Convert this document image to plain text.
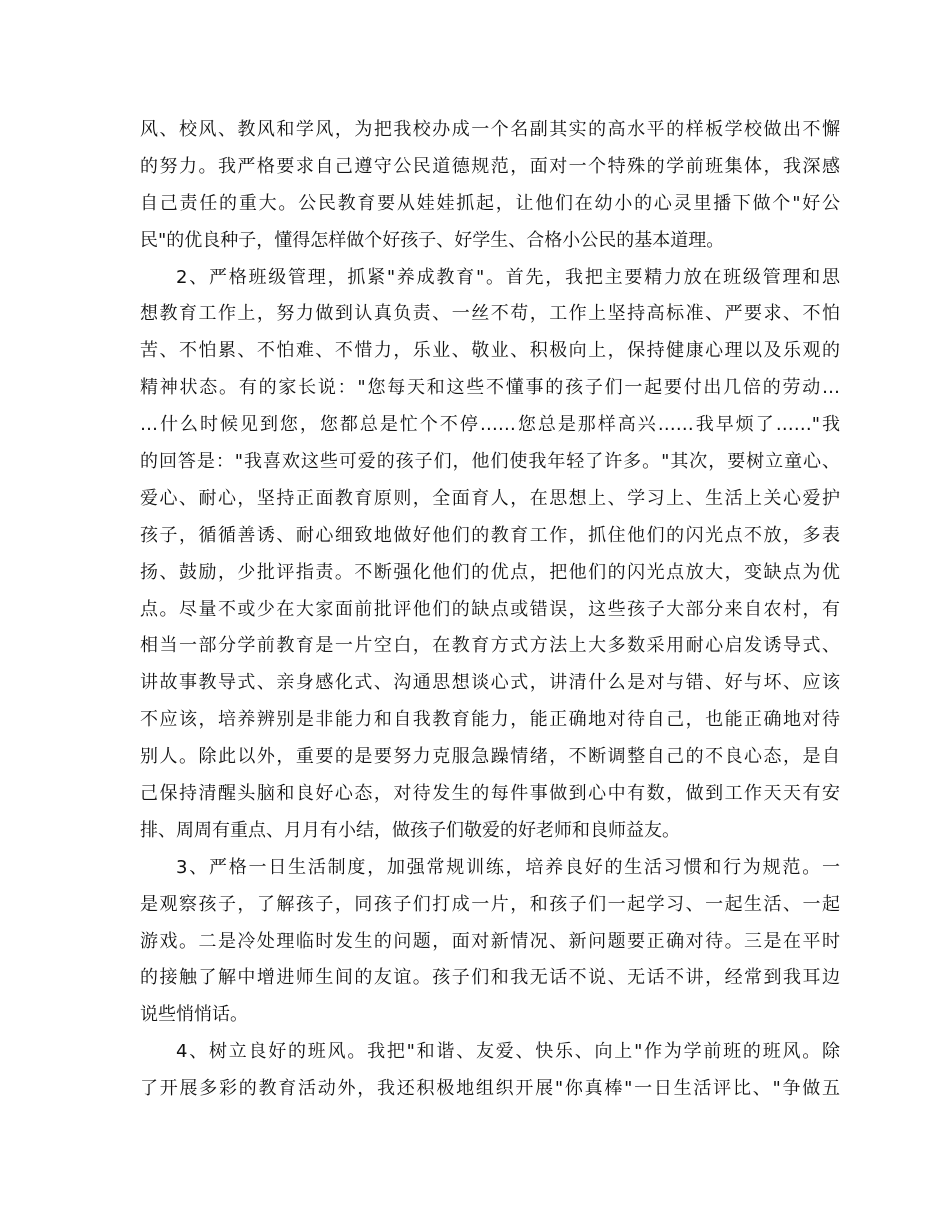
风、校风、教风和学风，为把我校办成一个名副其实的高水平的样板学校做出不懈
的努力。我严格要求自己遵守公民道德规范，面对一个特殊的学前班集体，我深感
自己责任的重大。公民教育要从娃娃抓起，让他们在幼小的心灵里播下做个"好公
民"的优良种子，懂得怎样做个好孩子、好学生、合格小公民的基本道理。
2、严格班级管理，抓紧"养成教育"。首先，我把主要精力放在班级管理和思
想教育工作上，努力做到认真负责、一丝不苟，工作上坚持高标准、严要求、不怕
苦、不怕累、不怕难、不惜力，乐业、敬业、积极向上，保持健康心理以及乐观的
精神状态。有的家长说："您每天和这些不懂事的孩子们一起要付出几倍的劳动…
…什么时候见到您，您都总是忙个不停……您总是那样高兴……我早烦了……"我
的回答是："我喜欢这些可爱的孩子们，他们使我年轻了许多。"其次，要树立童心、
爱心、耐心，坚持正面教育原则，全面育人，在思想上、学习上、生活上关心爱护
孩子，循循善诱、耐心细致地做好他们的教育工作，抓住他们的闪光点不放，多表
扬、鼓励，少批评指责。不断强化他们的优点，把他们的闪光点放大，变缺点为优
点。尽量不或少在大家面前批评他们的缺点或错误，这些孩子大部分来自农村，有
相当一部分学前教育是一片空白，在教育方式方法上大多数采用耐心启发诱导式、
讲故事教导式、亲身感化式、沟通思想谈心式，讲清什么是对与错、好与坏、应该
不应该，培养辨别是非能力和自我教育能力，能正确地对待自己，也能正确地对待
别人。除此以外，重要的是要努力克服急躁情绪，不断调整自己的不良心态，是自
己保持清醒头脑和良好心态，对待发生的每件事做到心中有数，做到工作天天有安
排、周周有重点、月月有小结，做孩子们敬爱的好老师和良师益友。
3、严格一日生活制度，加强常规训练，培养良好的生活习惯和行为规范。一
是观察孩子，了解孩子，同孩子们打成一片，和孩子们一起学习、一起生活、一起
游戏。二是冷处理临时发生的问题，面对新情况、新问题要正确对待。三是在平时
的接触了解中增进师生间的友谊。孩子们和我无话不说、无话不讲，经常到我耳边
说些悄悄话。
4、树立良好的班风。我把"和谐、友爱、快乐、向上"作为学前班的班风。除
了开展多彩的教育活动外，我还积极地组织开展"你真棒"一日生活评比、"争做五
